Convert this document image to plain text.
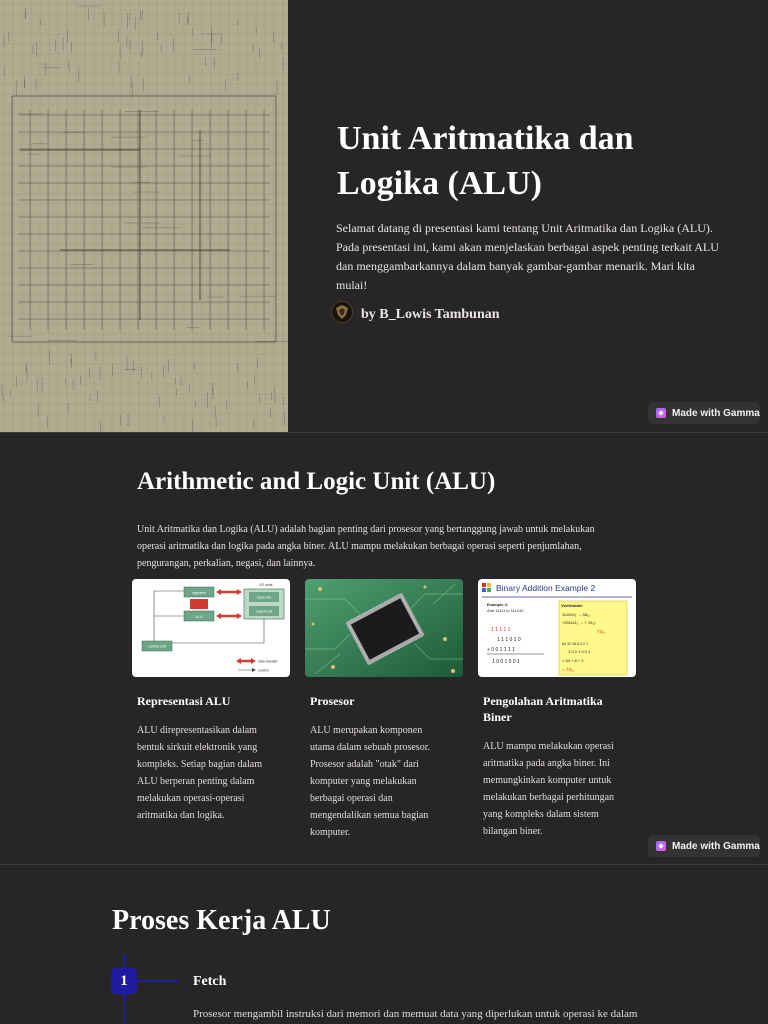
Unit Aritmatika dan Logika (ALU)

Selamat datang di presentasi kami tentang Unit Aritmatika dan Logika (ALU). Pada presentasi ini, kami akan menjelaskan berbagai aspek penting terkait ALU dan menggambarkannya dalam banyak gambar-gambar menarik. Mari kita mulai!

by B_Lowis Tambunan
Made with Gamma
Arithmetic and Logic Unit (ALU)

Unit Aritmatika dan Logika (ALU) adalah bagian penting dari prosesor yang bertanggung jawab untuk melakukan operasi aritmatika dan logika pada angka biner. ALU mampu melakukan berbagai operasi seperti penjumlahan, pengurangan, perkalian, negasi, dan lainnya.

registers
I/O units
input unit
ALU
output unit
control unit
data transfer
control
Binary Addition Example 2
Example 2:
Add 11111 to 111010.
1 1 1 1 1
1 1 1 0 1 0
+ 0 0 1 1 1 1
1 0 0 1 0 0 1
Verification
111010₂ → 58₁₀
+001111₂ → + 15₁₀
73₁₀
64 32 16 8 4 2 1
1 0 0 1 0 0 1
= 64 + 8 + 1
= 73₁₀
Representasi ALU

ALU direpresentasikan dalam bentuk sirkuit elektronik yang kompleks. Setiap bagian dalam ALU berperan penting dalam melakukan operasi-operasi aritmatika dan logika.

Prosesor

ALU merupakan komponen utama dalam sebuah prosesor. Prosesor adalah "otak" dari komputer yang melakukan berbagai operasi dan mengendalikan semua bagian komputer.

Pengolahan Aritmatika Biner

ALU mampu melakukan operasi aritmatika pada angka biner. Ini memungkinkan komputer untuk melakukan berbagai perhitungan yang kompleks dalam sistem bilangan biner.

Made with Gamma
Proses Kerja ALU
1	Fetch

Prosesor mengambil instruksi dari memori dan memuat data yang diperlukan untuk operasi ke dalam
